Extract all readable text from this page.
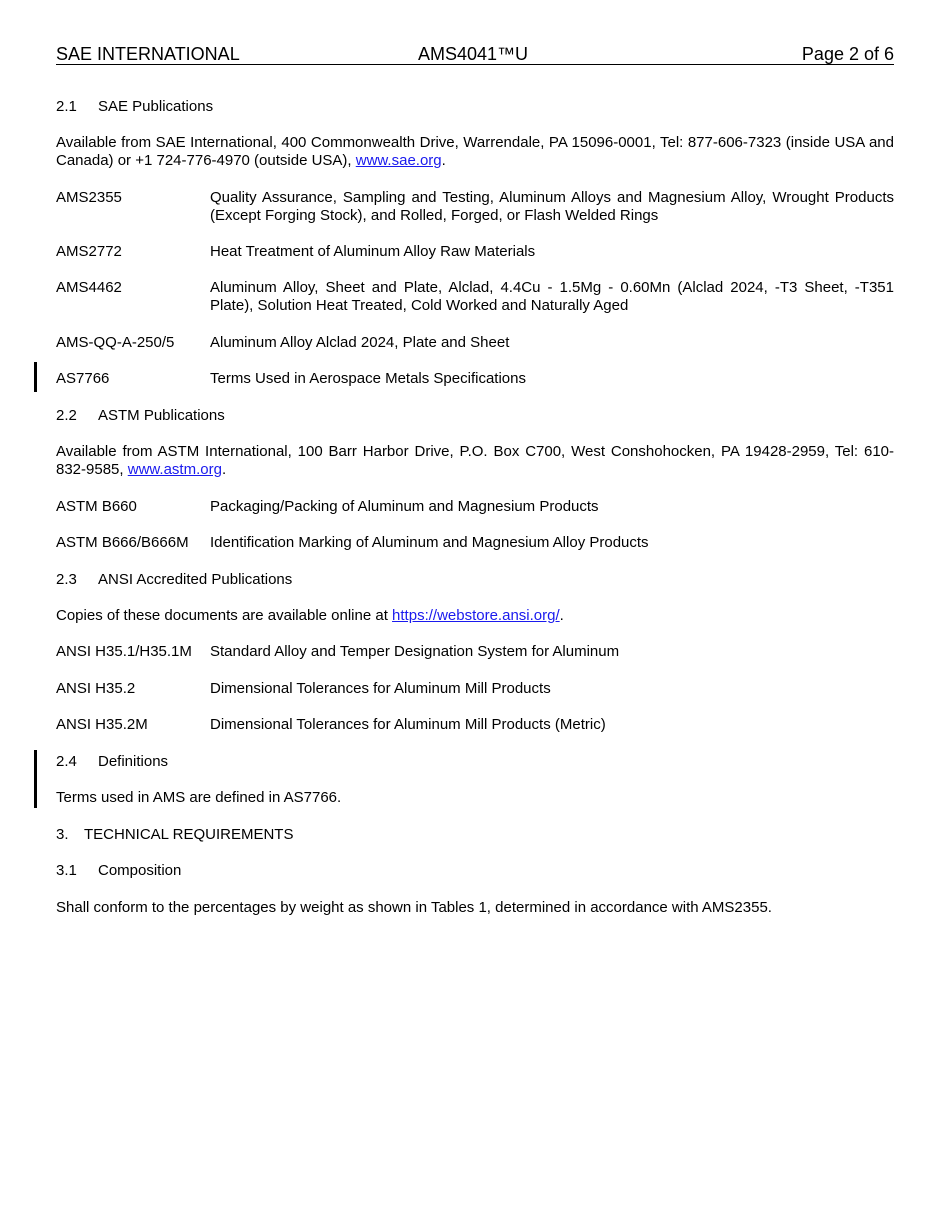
SAE INTERNATIONAL	AMS4041™U	Page 2 of 6
2.1 SAE Publications
Available from SAE International, 400 Commonwealth Drive, Warrendale, PA 15096-0001, Tel: 877-606-7323 (inside USA and Canada) or +1 724-776-4970 (outside USA), www.sae.org.
AMS2355	Quality Assurance, Sampling and Testing, Aluminum Alloys and Magnesium Alloy, Wrought Products (Except Forging Stock), and Rolled, Forged, or Flash Welded Rings
AMS2772	Heat Treatment of Aluminum Alloy Raw Materials
AMS4462	Aluminum Alloy, Sheet and Plate, Alclad, 4.4Cu - 1.5Mg - 0.60Mn (Alclad 2024, -T3 Sheet, -T351 Plate), Solution Heat Treated, Cold Worked and Naturally Aged
AMS-QQ-A-250/5 Aluminum Alloy Alclad 2024, Plate and Sheet
AS7766	Terms Used in Aerospace Metals Specifications
2.2 ASTM Publications
Available from ASTM International, 100 Barr Harbor Drive, P.O. Box C700, West Conshohocken, PA 19428-2959, Tel: 610-832-9585, www.astm.org.
ASTM B660	Packaging/Packing of Aluminum and Magnesium Products
ASTM B666/B666M Identification Marking of Aluminum and Magnesium Alloy Products
2.3 ANSI Accredited Publications
Copies of these documents are available online at https://webstore.ansi.org/.
ANSI H35.1/H35.1M Standard Alloy and Temper Designation System for Aluminum
ANSI H35.2	Dimensional Tolerances for Aluminum Mill Products
ANSI H35.2M	Dimensional Tolerances for Aluminum Mill Products (Metric)
2.4 Definitions
Terms used in AMS are defined in AS7766.
3. TECHNICAL REQUIREMENTS
3.1 Composition
Shall conform to the percentages by weight as shown in Tables 1, determined in accordance with AMS2355.
